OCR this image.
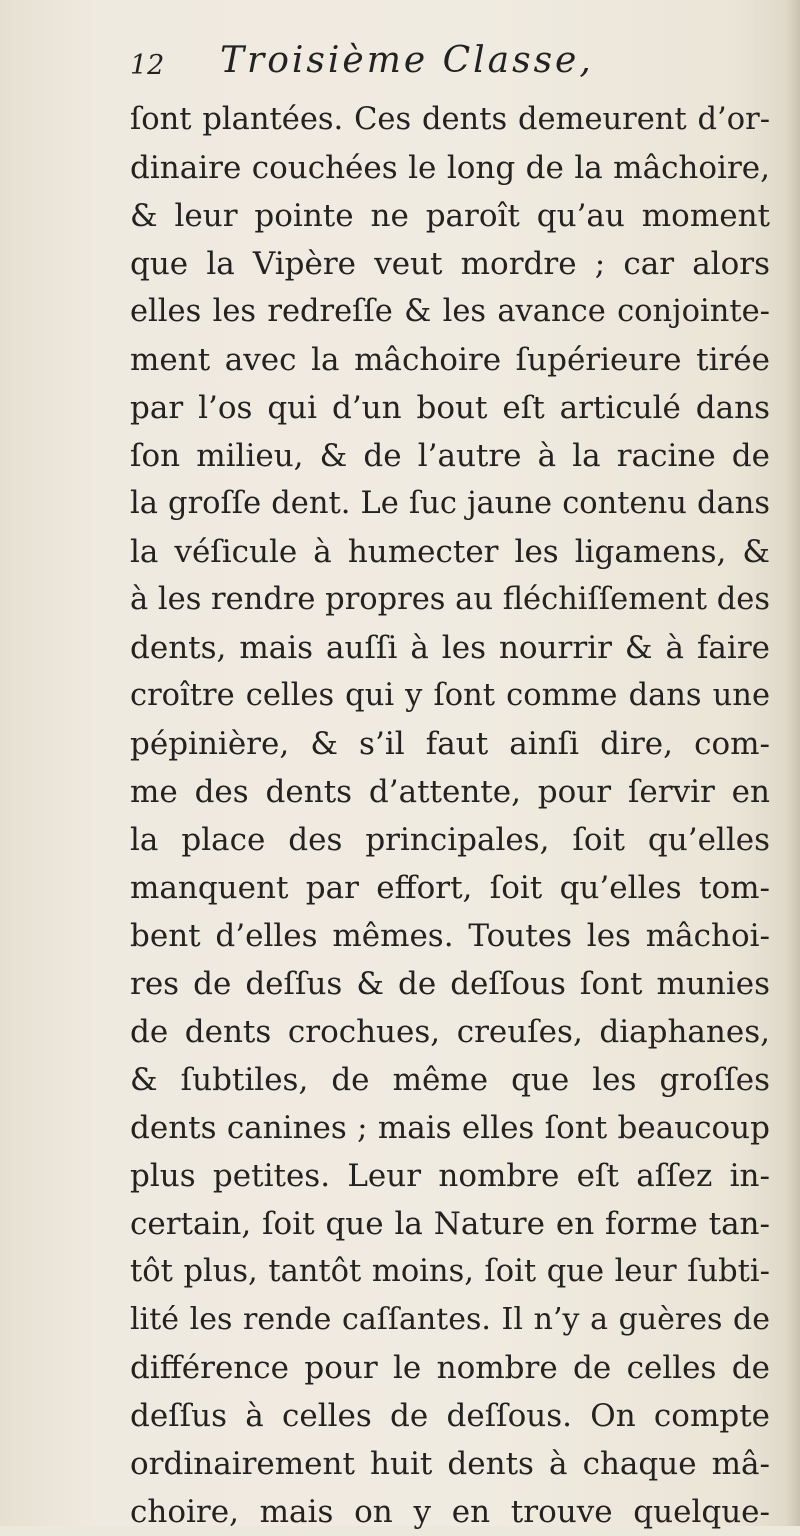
12 Troisième Classe,
ſont plantées. Ces dents demeurent d’or-
dinaire couchées le long de la mâchoire,
& leur pointe ne paroît qu’au moment
que la Vipère veut mordre ; car alors
elles les redreſſe & les avance conjointe-
ment avec la mâchoire ſupérieure tirée
par l’os qui d’un bout eſt articulé dans
ſon milieu, & de l’autre à la racine de
la groſſe dent. Le ſuc jaune contenu dans
la véſicule à humecter les ligamens, &
à les rendre propres au fléchiſſement des
dents, mais auſſi à les nourrir & à faire
croître celles qui y ſont comme dans une
pépinière, & s’il faut ainſi dire, com-
me des dents d’attente, pour ſervir en
la place des principales, ſoit qu’elles
manquent par effort, ſoit qu’elles tom-
bent d’elles mêmes. Toutes les mâchoi-
res de deſſus & de deſſous ſont munies
de dents crochues, creuſes, diaphanes,
& ſubtiles, de même que les groſſes
dents canines ; mais elles ſont beaucoup
plus petites. Leur nombre eſt aſſez in-
certain, ſoit que la Nature en forme tan-
tôt plus, tantôt moins, ſoit que leur ſubti-
lité les rende caſſantes. Il n’y a guères de
différence pour le nombre de celles de
deſſus à celles de deſſous. On compte
ordinairement huit dents à chaque mâ-
choire, mais on y en trouve quelque-
